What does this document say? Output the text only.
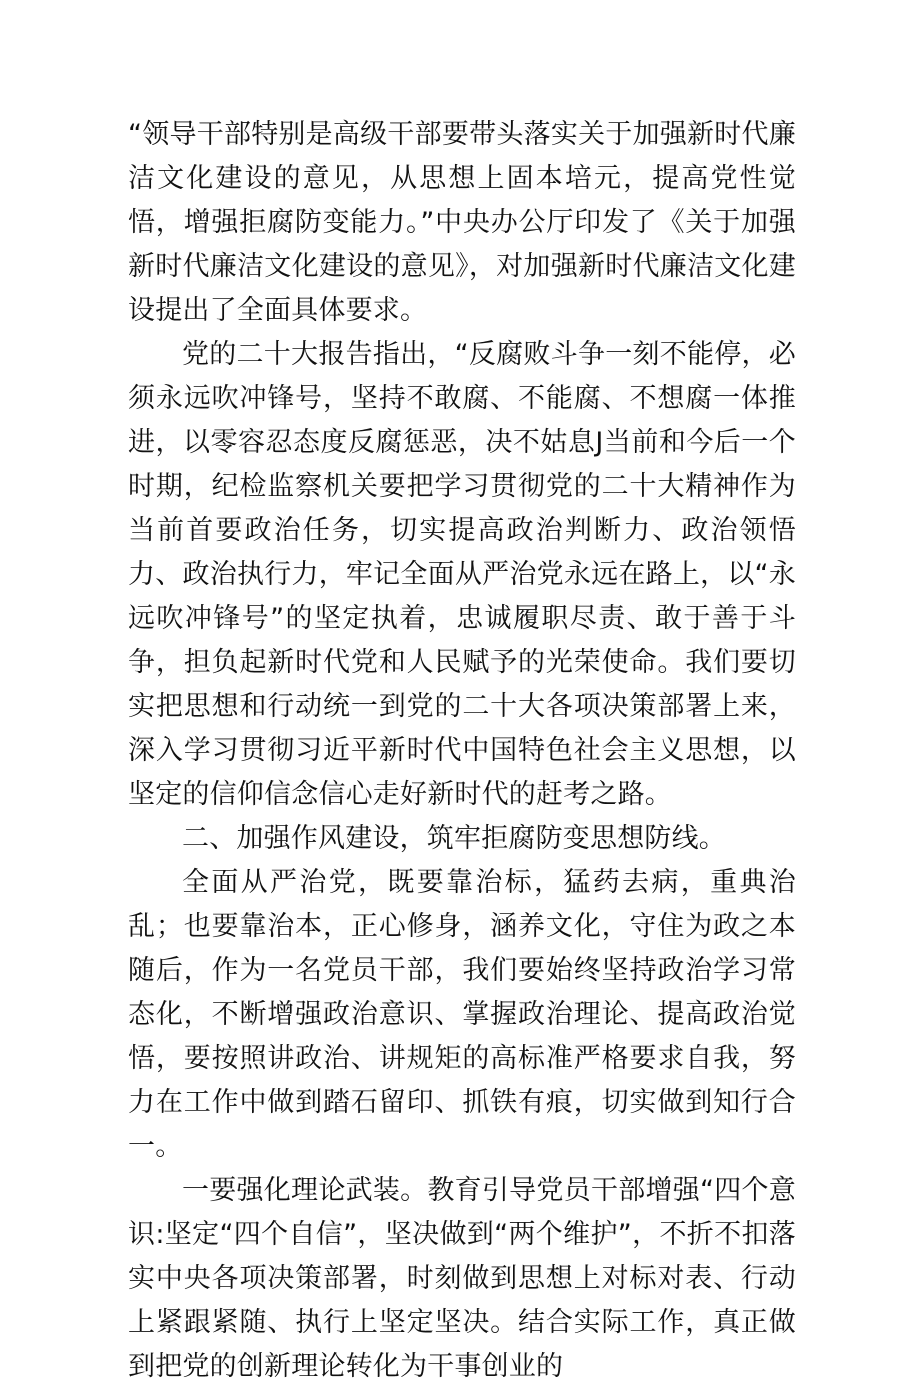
“领导干部特别是高级干部要带头落实关于加强新时代廉洁文化建设的意见，从思想上固本培元，提高党性觉悟，增强拒腐防变能力。”中央办公厅印发了《关于加强新时代廉洁文化建设的意见》，对加强新时代廉洁文化建设提出了全面具体要求。

党的二十大报告指出，“反腐败斗争一刻不能停，必须永远吹冲锋号，坚持不敢腐、不能腐、不想腐一体推进，以零容忍态度反腐惩恶，决不姑息J当前和今后一个时期，纪检监察机关要把学习贯彻党的二十大精神作为当前首要政治任务，切实提高政治判断力、政治领悟力、政治执行力，牢记全面从严治党永远在路上，以“永远吹冲锋号”的坚定执着，忠诚履职尽责、敢于善于斗争，担负起新时代党和人民赋予的光荣使命。我们要切实把思想和行动统一到党的二十大各项决策部署上来，深入学习贯彻习近平新时代中国特色社会主义思想，以坚定的信仰信念信心走好新时代的赶考之路。

二、加强作风建设，筑牢拒腐防变思想防线。

全面从严治党，既要靠治标，猛药去病，重典治乱；也要靠治本，正心修身，涵养文化，守住为政之本随后，作为一名党员干部，我们要始终坚持政治学习常态化，不断增强政治意识、掌握政治理论、提高政治觉悟，要按照讲政治、讲规矩的高标准严格要求自我，努力在工作中做到踏石留印、抓铁有痕，切实做到知行合一。

一要强化理论武装。教育引导党员干部增强“四个意识:坚定“四个自信”，坚决做到“两个维护”，不折不扣落实中央各项决策部署，时刻做到思想上对标对表、行动上紧跟紧随、执行上坚定坚决。结合实际工作，真正做到把党的创新理论转化为干事创业的
